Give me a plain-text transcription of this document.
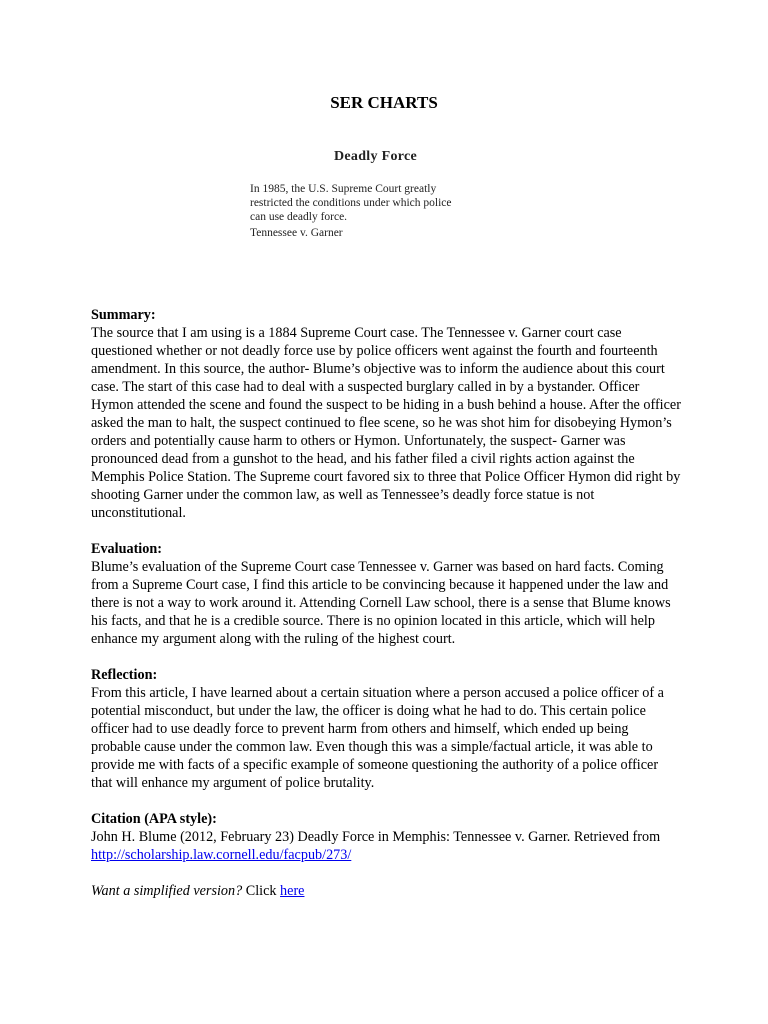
SER CHARTS
Deadly Force
In 1985, the U.S. Supreme Court greatly
restricted the conditions under which police
can use deadly force.
Tennessee v. Garner

Summary:

The source that I am using is a 1884 Supreme Court case. The Tennessee v. Garner court case questioned whether or not deadly force use by police officers went against the fourth and fourteenth amendment. In this source, the author- Blume’s objective was to inform the audience about this court case. The start of this case had to deal with a suspected burglary called in by a bystander. Officer Hymon attended the scene and found the suspect to be hiding in a bush behind a house. After the officer asked the man to halt, the suspect continued to flee scene, so he was shot him for disobeying Hymon’s orders and potentially cause harm to others or Hymon. Unfortunately, the suspect- Garner was pronounced dead from a gunshot to the head, and his father filed a civil rights action against the Memphis Police Station. The Supreme court favored six to three that Police Officer Hymon did right by shooting Garner under the common law, as well as Tennessee’s deadly force statue is not unconstitutional.

Evaluation:

Blume’s evaluation of the Supreme Court case Tennessee v. Garner was based on hard facts. Coming from a Supreme Court case, I find this article to be convincing because it happened under the law and there is not a way to work around it. Attending Cornell Law school, there is a sense that Blume knows his facts, and that he is a credible source. There is no opinion located in this article, which will help enhance my argument along with the ruling of the highest court.

Reflection:

From this article, I have learned about a certain situation where a person accused a police officer of a potential misconduct, but under the law, the officer is doing what he had to do. This certain police officer had to use deadly force to prevent harm from others and himself, which ended up being probable cause under the common law. Even though this was a simple/factual article, it was able to provide me with facts of a specific example of someone questioning the authority of a police officer that will enhance my argument of police brutality.

Citation (APA style):

John H. Blume (2012, February 23) Deadly Force in Memphis: Tennessee v. Garner. Retrieved from http://scholarship.law.cornell.edu/facpub/273/

Want a simplified version? Click here
